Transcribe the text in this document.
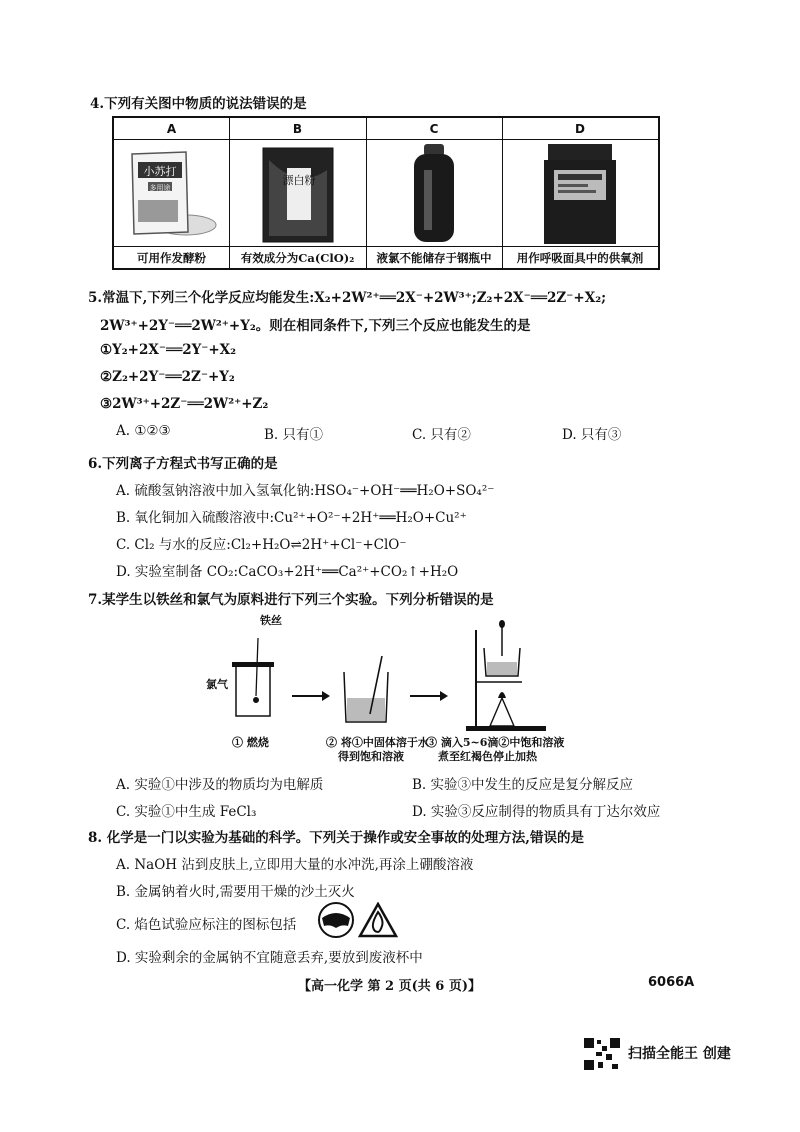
4.下列有关图中物质的说法错误的是
A	B	C	D
小苏打
多用途
漂白粉
可用作发酵粉	有效成分为Ca(ClO)₂	液氯不能储存于钢瓶中	用作呼吸面具中的供氧剂
5.常温下,下列三个化学反应均能发生:X₂+2W²⁺══2X⁻+2W³⁺;Z₂+2X⁻══2Z⁻+X₂;
2W³⁺+2Y⁻══2W²⁺+Y₂。则在相同条件下,下列三个反应也能发生的是
①Y₂+2X⁻══2Y⁻+X₂
②Z₂+2Y⁻══2Z⁻+Y₂
③2W³⁺+2Z⁻══2W²⁺+Z₂
A. ①②③	B. 只有①	C. 只有②	D. 只有③
6.下列离子方程式书写正确的是
A. 硫酸氢钠溶液中加入氢氧化钠:HSO₄⁻+OH⁻══H₂O+SO₄²⁻
B. 氧化铜加入硫酸溶液中:Cu²⁺+O²⁻+2H⁺══H₂O+Cu²⁺
C. Cl₂ 与水的反应:Cl₂+H₂O⇌2H⁺+Cl⁻+ClO⁻
D. 实验室制备 CO₂:CaCO₃+2H⁺══Ca²⁺+CO₂↑+H₂O
7.某学生以铁丝和氯气为原料进行下列三个实验。下列分析错误的是
铁丝
氯气
① 燃烧	② 将①中固体溶于水
得到饱和溶液
③ 滴入5~6滴②中饱和溶液
煮至红褐色停止加热
A. 实验①中涉及的物质均为电解质	B. 实验③中发生的反应是复分解反应
C. 实验①中生成 FeCl₃	D. 实验③反应制得的物质具有丁达尔效应
8. 化学是一门以实验为基础的科学。下列关于操作或安全事故的处理方法,错误的是
A. NaOH 沾到皮肤上,立即用大量的水冲洗,再涂上硼酸溶液
B. 金属钠着火时,需要用干燥的沙土灭火
C. 焰色试验应标注的图标包括
D. 实验剩余的金属钠不宜随意丢弃,要放到废液杯中
【高一化学 第 2 页(共 6 页)】	6066A
扫描全能王 创建
